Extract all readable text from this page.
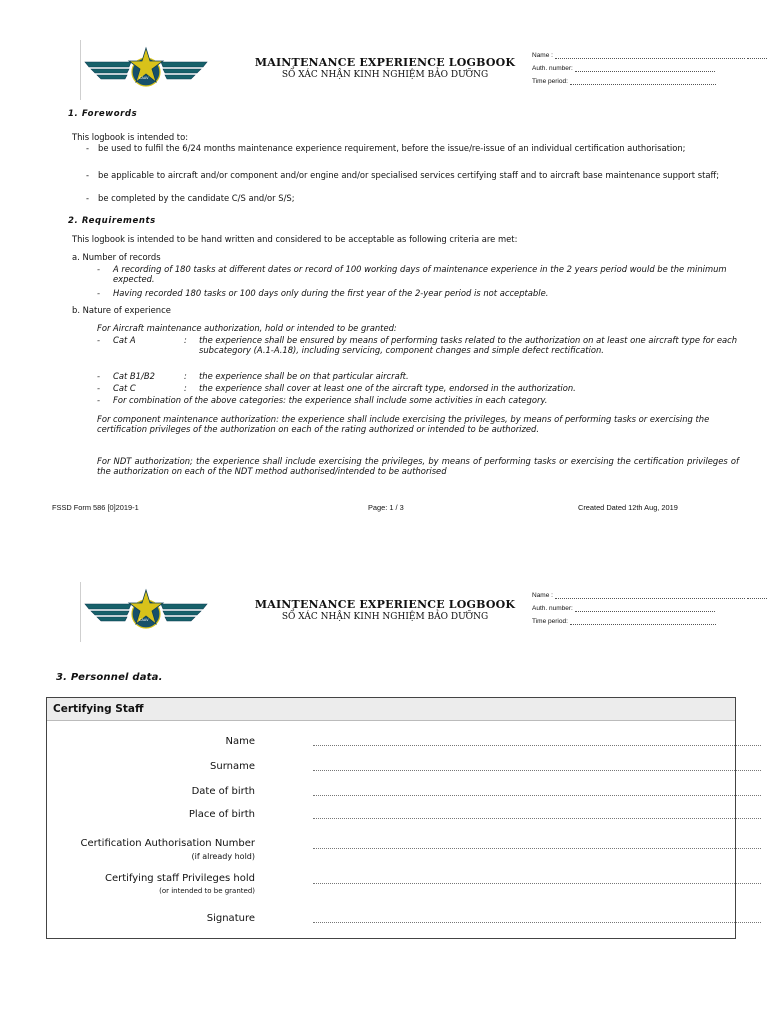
CAAV
MAINTENANCE EXPERIENCE LOGBOOK
SỔ XÁC NHẬN KINH NGHIỆM BẢO DƯỠNG
Name :
Auth. number:
Time period:
1. Forewords
This logbook is intended to:
-	be used to fulfil the 6/24 months maintenance experience requirement, before the issue/re-issue of an individual certification authorisation;
-	be applicable to aircraft and/or component and/or engine and/or specialised services certifying staff and to aircraft base maintenance support staff;
-	be completed by the candidate C/S and/or S/S;
2. Requirements
This logbook is intended to be hand written and considered to be acceptable as following criteria are met:
a. Number of records
-	A recording of 180 tasks at different dates or record of 100 working days of maintenance experience in the 2 years period would be the minimum expected.
-	Having recorded 180 tasks or 100 days only during the first year of the 2-year period is not acceptable.
b. Nature of experience
For Aircraft maintenance authorization, hold or intended to be granted:
- Cat A	:	the experience shall be ensured by means of performing tasks related to the authorization on at least one aircraft type for each subcategory (A.1-A.18), including servicing, component changes and simple defect rectification.
- Cat B1/B2	:	the experience shall be on that particular aircraft.
- Cat C	:	the experience shall cover at least one of the aircraft type, endorsed in the authorization.
-	For combination of the above categories: the experience shall include some activities in each category.
For component maintenance authorization: the experience shall include exercising the privileges, by means of performing tasks or exercising the certification privileges of the authorization on each of the rating authorized or intended to be authorized.
For NDT authorization; the experience shall include exercising the privileges, by means of performing tasks or exercising the certification privileges of the authorization on each of the NDT method authorised/intended to be authorised
FSSD Form 586 [0]2019-1	Page: 1 / 3	Created Dated 12th Aug, 2019
CAAV
MAINTENANCE EXPERIENCE LOGBOOK
SỔ XÁC NHẬN KINH NGHIỆM BẢO DƯỠNG
Name :
Auth. number:
Time period:
3. Personnel data.
Certifying Staff
Name
Surname
Date of birth
Place of birth
Certification Authorisation Number
(if already hold)
Certifying staff Privileges hold
(or intended to be granted)
Signature
